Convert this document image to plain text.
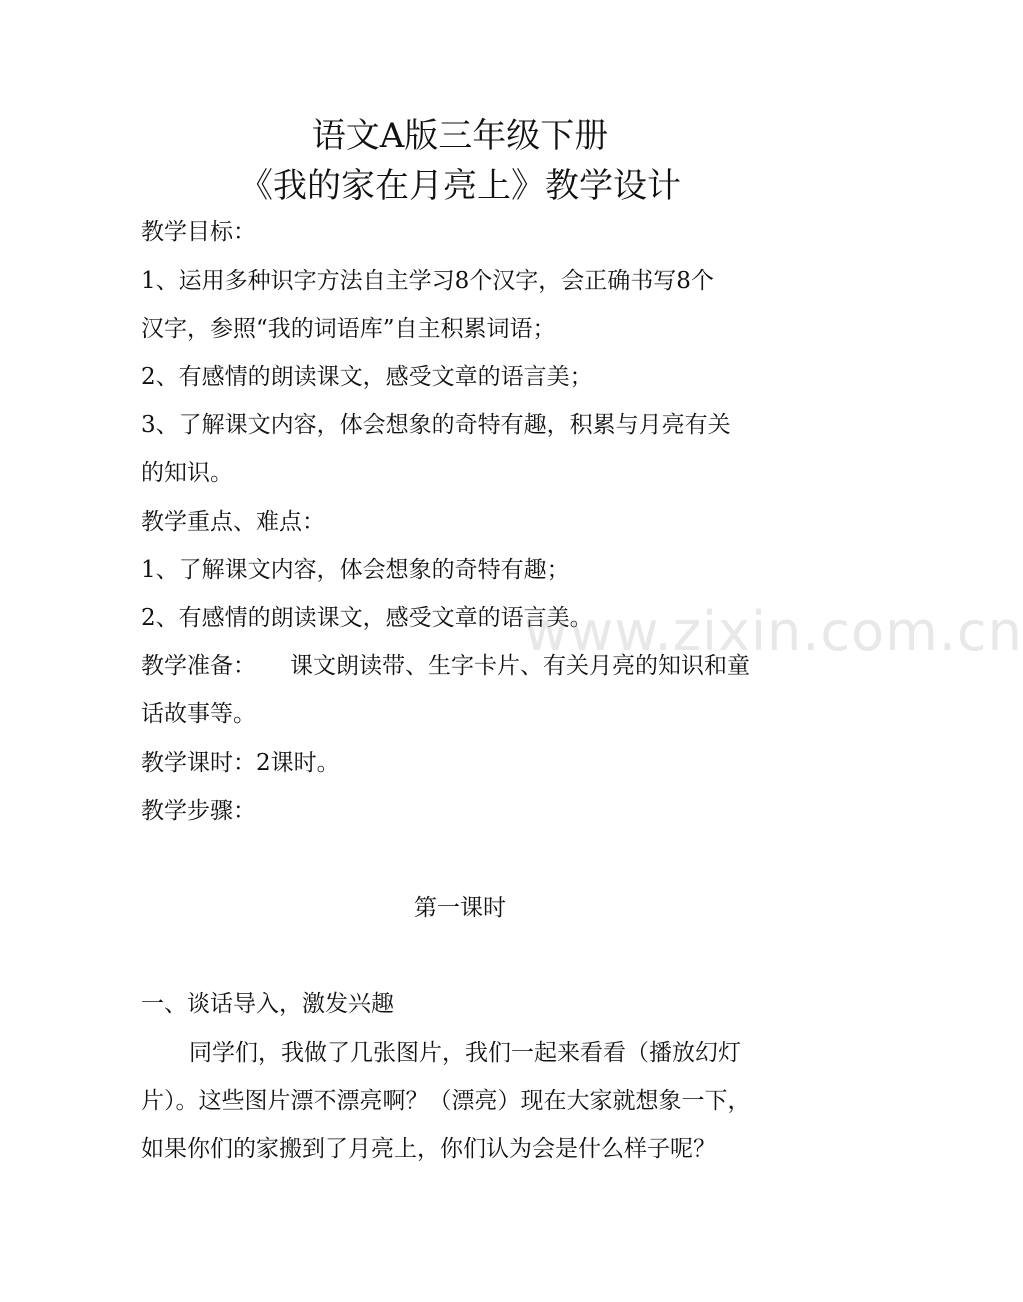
语文A版三年级下册
《我的家在月亮上》教学设计
教学目标：
1、运用多种识字方法自主学习8个汉字，会正确书写8个
汉字，参照“我的词语库”自主积累词语；
2、有感情的朗读课文，感受文章的语言美；
3、了解课文内容，体会想象的奇特有趣，积累与月亮有关
的知识。
教学重点、难点：
1、了解课文内容，体会想象的奇特有趣；
2、有感情的朗读课文，感受文章的语言美。
教学准备： 课文朗读带、生字卡片、有关月亮的知识和童
话故事等。
教学课时：2课时。
教学步骤：
第一课时
一、谈话导入，激发兴趣
同学们，我做了几张图片，我们一起来看看（播放幻灯
片）。这些图片漂不漂亮啊？（漂亮）现在大家就想象一下，
如果你们的家搬到了月亮上，你们认为会是什么样子呢？
www.zixin.com.cn
